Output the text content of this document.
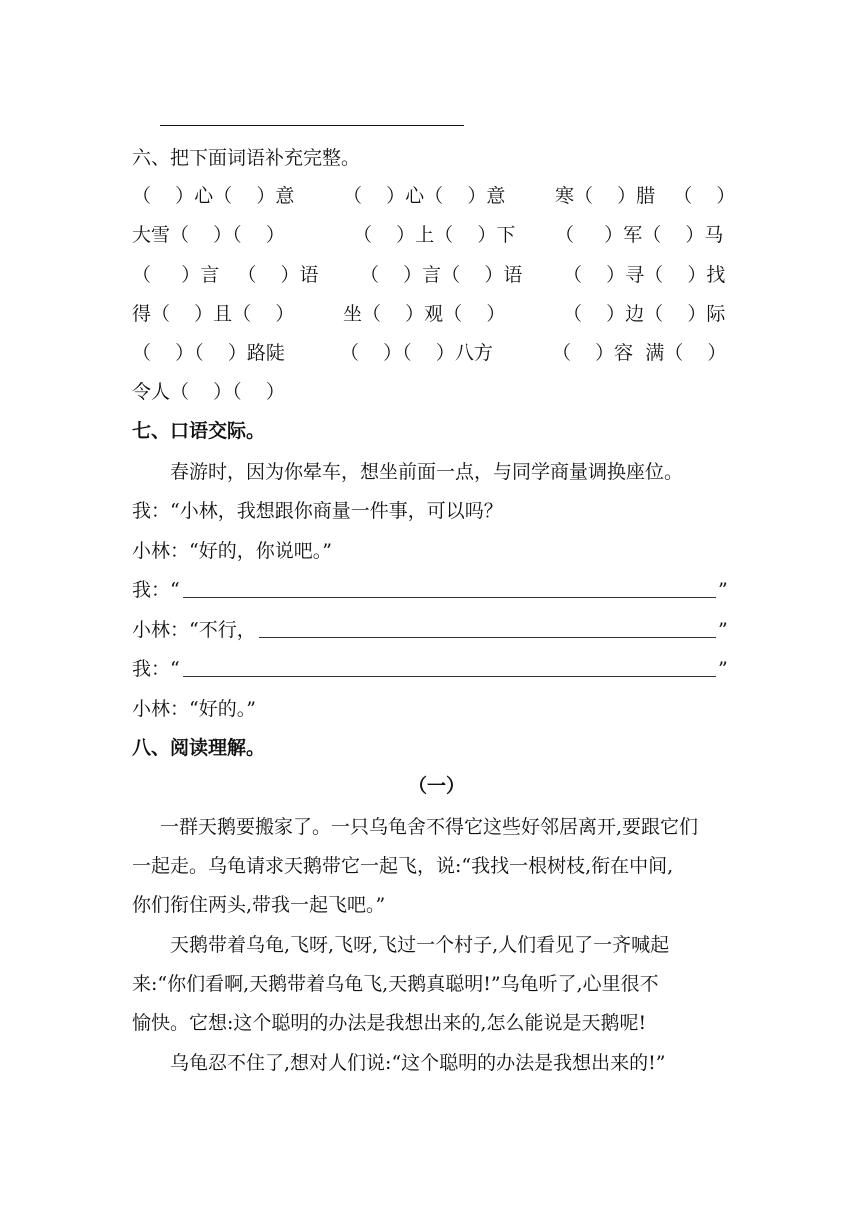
六、把下面词语补充完整。
（    ）心（    ）意	（    ）心（    ）意	寒（    ）腊   （    ）
大雪（    ）（    ）	（    ）上（    ）下 （     ）军（    ）马
（     ）言   （    ）语 （    ）言（    ）语 （    ）寻（    ）找
得（    ）且（    ）	坐（    ）观（    ）	（    ）边（    ）际
（    ）（    ）路陡	（    ）（    ）八方	（    ）容  满（    ）
令人（    ）（    ）
七、口语交际。
春游时，因为你晕车，想坐前面一点，与同学商量调换座位。
我：“小林，我想跟你商量一件事，可以吗？
小林：“好的，你说吧。”
我：“	”
小林：“不行，	”
我：“	”
小林：“好的。”
八、阅读理解。
（一）
一群天鹅要搬家了。一只乌龟舍不得它这些好邻居离开,要跟它们
一起走。乌龟请求天鹅带它一起飞，说:“我找一根树枝,衔在中间,
你们衔住两头,带我一起飞吧。”
天鹅带着乌龟,飞呀,飞呀,飞过一个村子,人们看见了一齐喊起
来:“你们看啊,天鹅带着乌龟飞,天鹅真聪明!”乌龟听了,心里很不
愉快。它想:这个聪明的办法是我想出来的,怎么能说是天鹅呢!
乌龟忍不住了,想对人们说:“这个聪明的办法是我想出来的!”
